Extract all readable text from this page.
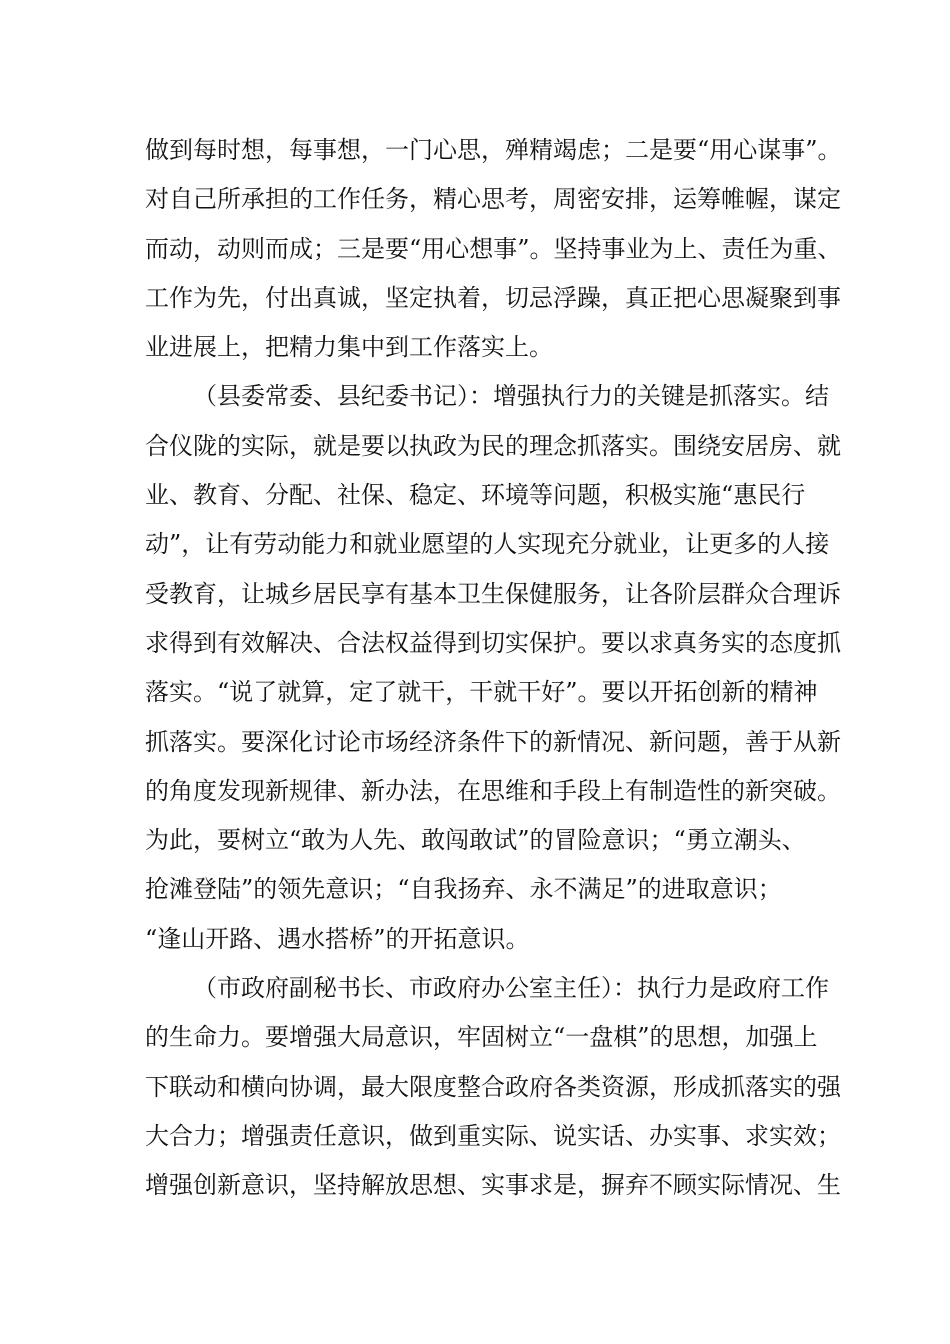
做到每时想，每事想，一门心思，殚精竭虑；二是要“用心谋事”。
对自己所承担的工作任务，精心思考，周密安排，运筹帷幄，谋定
而动，动则而成；三是要“用心想事”。坚持事业为上、责任为重、
工作为先，付出真诚，坚定执着，切忌浮躁，真正把心思凝聚到事
业进展上，把精力集中到工作落实上。
（县委常委、县纪委书记）：增强执行力的关键是抓落实。结
合仪陇的实际，就是要以执政为民的理念抓落实。围绕安居房、就
业、教育、分配、社保、稳定、环境等问题，积极实施“惠民行
动”，让有劳动能力和就业愿望的人实现充分就业，让更多的人接
受教育，让城乡居民享有基本卫生保健服务，让各阶层群众合理诉
求得到有效解决、合法权益得到切实保护。要以求真务实的态度抓
落实。“说了就算，定了就干，干就干好”。要以开拓创新的精神
抓落实。要深化讨论市场经济条件下的新情况、新问题，善于从新
的角度发现新规律、新办法，在思维和手段上有制造性的新突破。
为此，要树立“敢为人先、敢闯敢试”的冒险意识；“勇立潮头、
抢滩登陆”的领先意识；“自我扬弃、永不满足”的进取意识；
“逢山开路、遇水搭桥”的开拓意识。
（市政府副秘书长、市政府办公室主任）：执行力是政府工作
的生命力。要增强大局意识，牢固树立“一盘棋”的思想，加强上
下联动和横向协调，最大限度整合政府各类资源，形成抓落实的强
大合力；增强责任意识，做到重实际、说实话、办实事、求实效；
增强创新意识，坚持解放思想、实事求是，摒弃不顾实际情况、生
